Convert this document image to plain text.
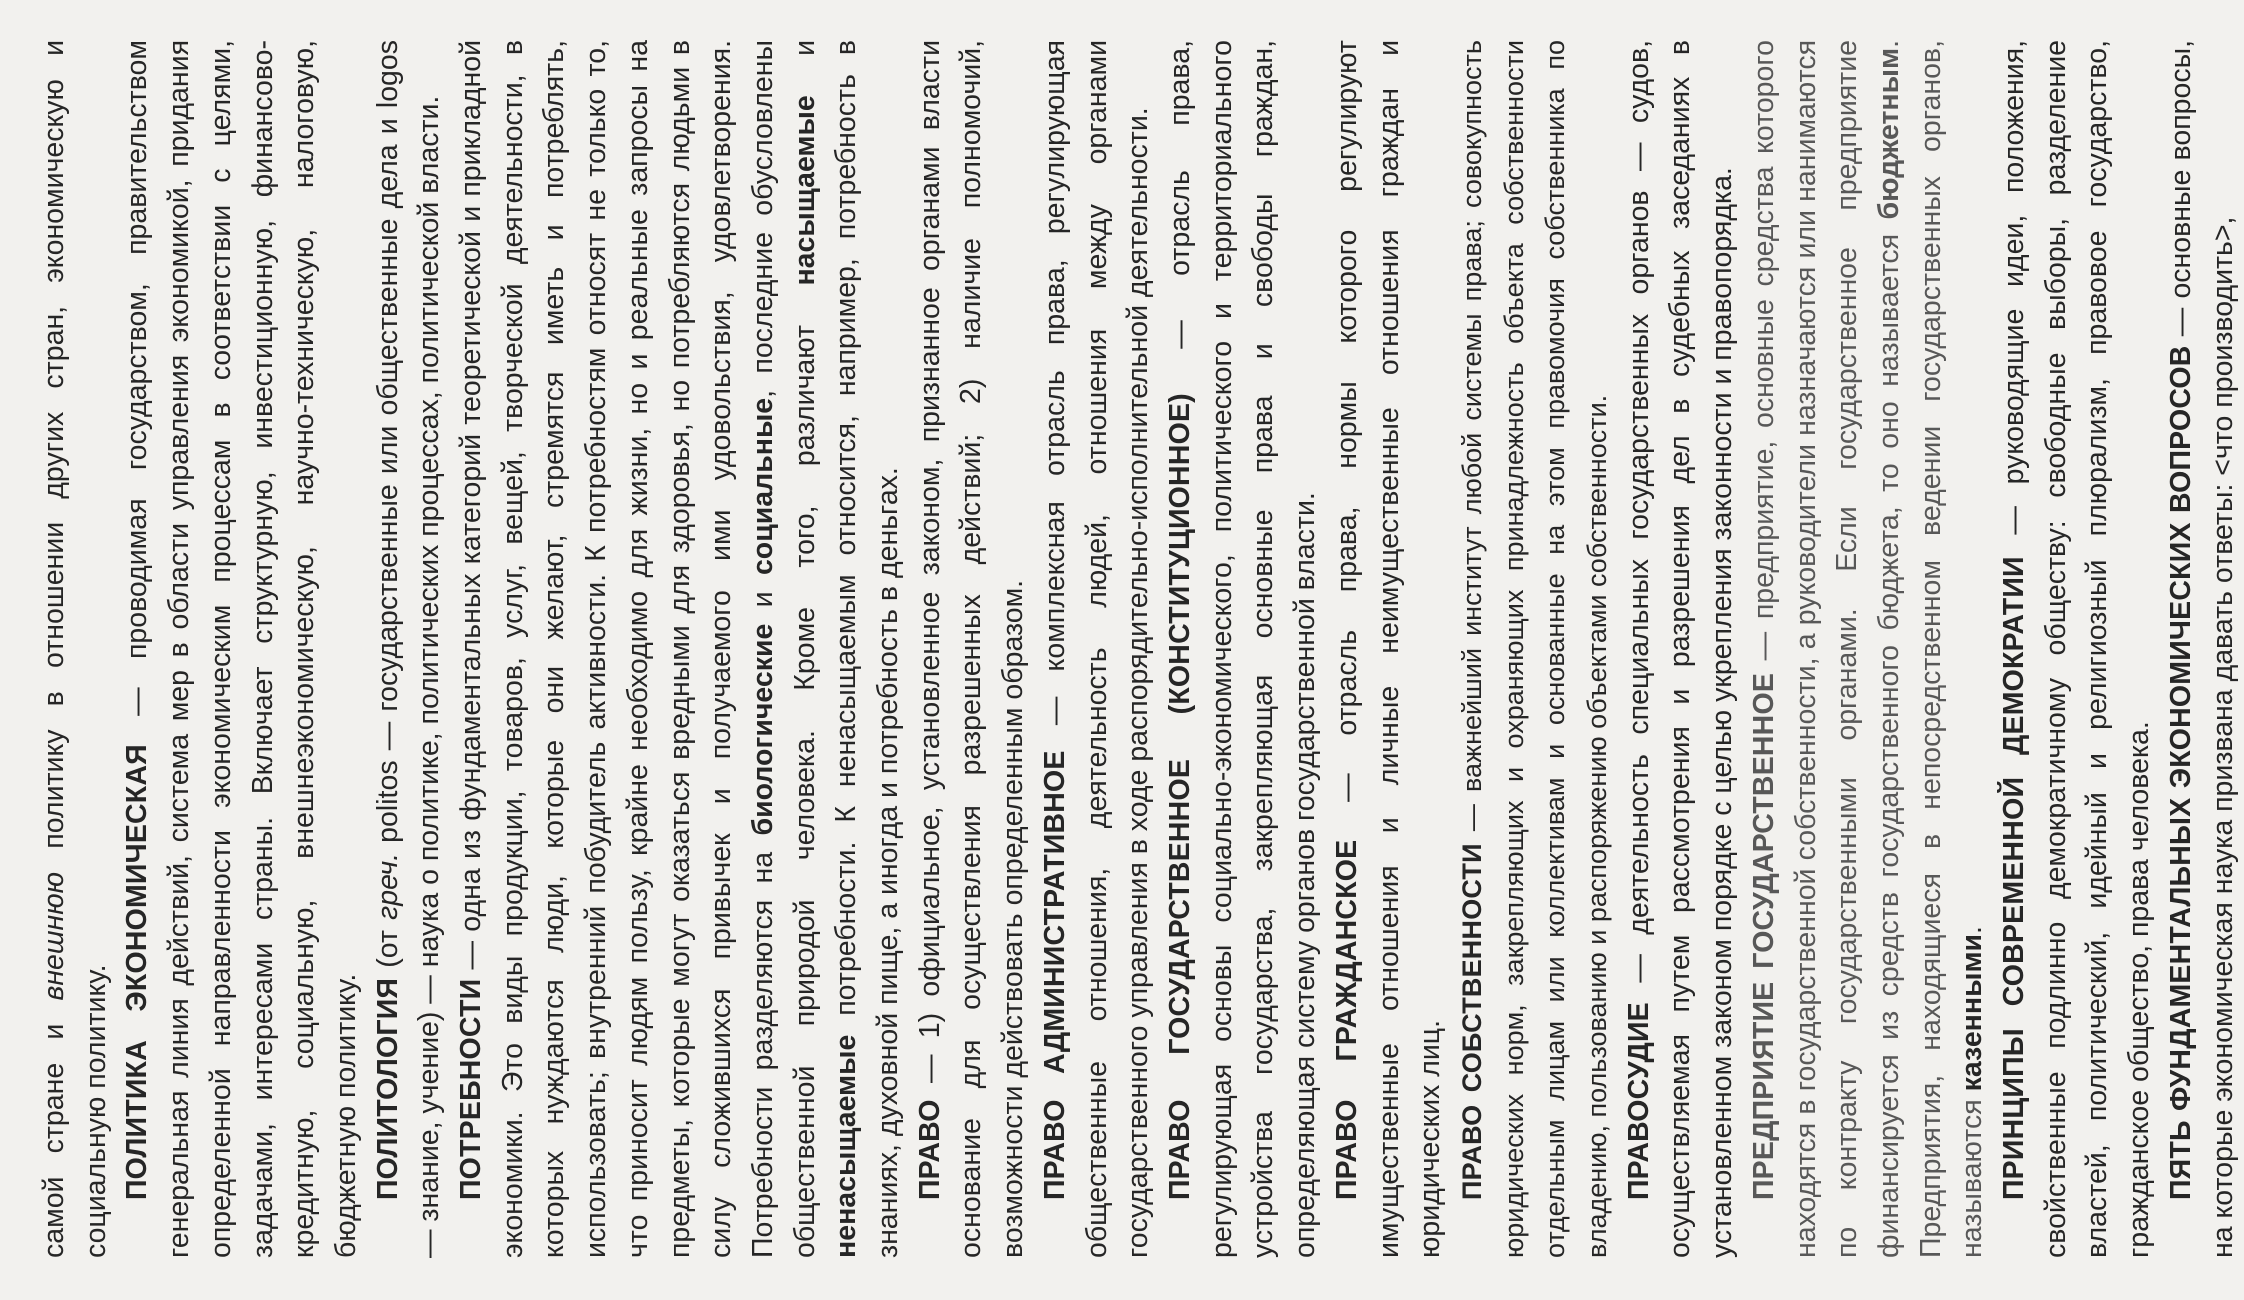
самой стране и внешнюю политику в отношении других стран, экономическую и социальную политику. ПОЛИТИКА ЭКОНОМИЧЕСКАЯ — проводимая государством, правительством генеральная линия действий, система мер в области управления экономикой, придания определенной направленности экономическим процессам в соответствии с целями, задачами, интересами страны. Включает структурную, инвестиционную, финансово-кредитную, социальную, внешнеэкономическую, научно-техническую, налоговую, бюджетную политику. ПОЛИТОЛОГИЯ (от греч. politos — государственные или общественные дела и logos — знание, учение) — наука о политике, политических процессах, политической власти. ПОТРЕБНОСТИ — одна из фундаментальных категорий теоретической и прикладной экономики. Это виды продукции, товаров, услуг, вещей, творческой деятельности, в которых нуждаются люди, которые они желают, стремятся иметь и потреблять, использовать; внутренний побудитель активности. К потребностям относят не только то, что приносит людям пользу, крайне необходимо для жизни, но и реальные запросы на предметы, которые могут оказаться вредными для здоровья, но потребляются людьми в силу сложившихся привычек и получаемого ими удовольствия, удовлетворения. Потребности разделяются на биологические и социальные, последние обусловлены общественной природой человека. Кроме того, различают насыщаемые и ненасыщаемые потребности. К ненасыщаемым относится, например, потребность в знаниях, духовной пище, а иногда и потребность в деньгах. ПРАВО — 1) официальное, установленное законом, признанное органами власти основание для осуществления разрешенных действий; 2) наличие полномочий, возможности действовать определенным образом. ПРАВО АДМИНИСТРАТИВНОЕ — комплексная отрасль права, регулирующая общественные отношения, деятельность людей, отношения между органами государственного управления в ходе распорядительно-исполнительной деятельности. ПРАВО ГОСУДАРСТВЕННОЕ (КОНСТИТУЦИОННОЕ) — отрасль права, регулирующая основы социально-экономического, политического и территориального устройства государства, закрепляющая основные права и свободы граждан, определяющая систему органов государственной власти. ПРАВО ГРАЖДАНСКОЕ — отрасль права, нормы которого регулируют имущественные отношения и личные неимущественные отношения граждан и юридических лиц. ПРАВО СОБСТВЕННОСТИ — важнейший институт любой системы права; совокупность юридических норм, закрепляющих и охраняющих принадлежность объекта собственности отдельным лицам или коллективам и основанные на этом правомочия собственника по владению, пользованию и распоряжению объектами собственности. ПРАВОСУДИЕ — деятельность специальных государственных органов — судов, осуществляемая путем рассмотрения и разрешения дел в судебных заседаниях в установленном законом порядке с целью укрепления законности и правопорядка. ПРЕДПРИЯТИЕ ГОСУДАРСТВЕННОЕ — предприятие, основные средства которого находятся в государственной собственности, а руководители назначаются или нанимаются по контракту государственными органами. Если государственное предприятие финансируется из средств государственного бюджета, то оно называется бюджетным. Предприятия, находящиеся в непосредственном ведении государственных органов, называются казенными. ПРИНЦИПЫ СОВРЕМЕННОЙ ДЕМОКРАТИИ — руководящие идеи, положения, свойственные подлинно демократичному обществу: свободные выборы, разделение властей, политический, идейный и религиозный плюрализм, правовое государство, гражданское общество, права человека. ПЯТЬ ФУНДАМЕНТАЛЬНЫХ ЭКОНОМИЧЕСКИХ ВОПРОСОВ — основные вопросы, на которые экономическая наука призвана давать ответы: <что производить>,
